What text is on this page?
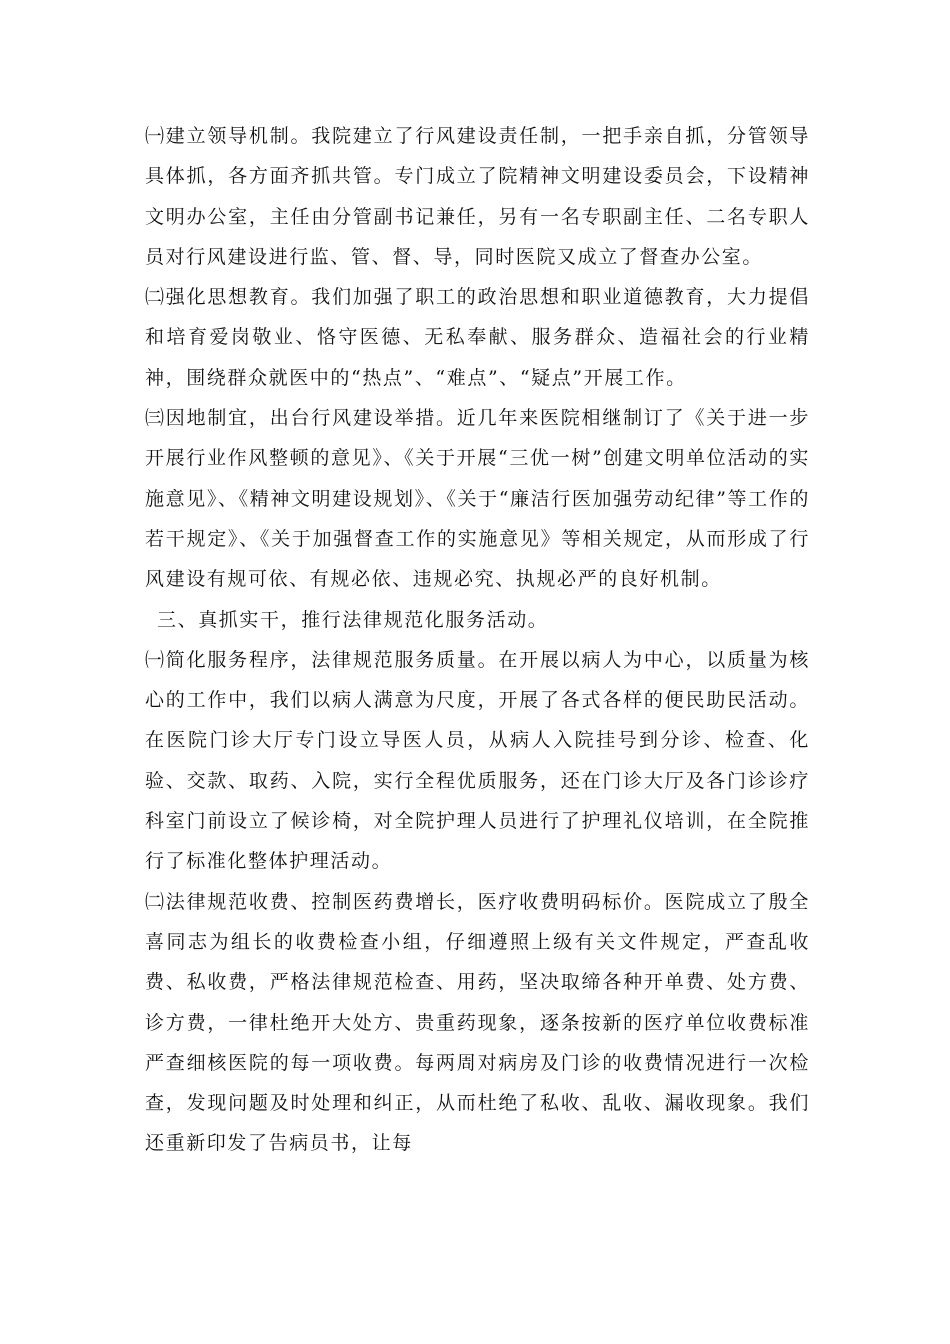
㈠建立领导机制。我院建立了行风建设责任制，一把手亲自抓，分管领导具体抓，各方面齐抓共管。专门成立了院精神文明建设委员会，下设精神文明办公室，主任由分管副书记兼任，另有一名专职副主任、二名专职人员对行风建设进行监、管、督、导，同时医院又成立了督查办公室。

㈡强化思想教育。我们加强了职工的政治思想和职业道德教育，大力提倡和培育爱岗敬业、恪守医德、无私奉献、服务群众、造福社会的行业精神，围绕群众就医中的“热点”、“难点”、“疑点”开展工作。

㈢因地制宜，出台行风建设举措。近几年来医院相继制订了《关于进一步开展行业作风整顿的意见》、《关于开展“三优一树”创建文明单位活动的实施意见》、《精神文明建设规划》、《关于“廉洁行医加强劳动纪律”等工作的若干规定》、《关于加强督查工作的实施意见》等相关规定，从而形成了行风建设有规可依、有规必依、违规必究、执规必严的良好机制。

三、真抓实干，推行法律规范化服务活动。

㈠简化服务程序，法律规范服务质量。在开展以病人为中心，以质量为核心的工作中，我们以病人满意为尺度，开展了各式各样的便民助民活动。在医院门诊大厅专门设立导医人员，从病人入院挂号到分诊、检查、化验、交款、取药、入院，实行全程优质服务，还在门诊大厅及各门诊诊疗科室门前设立了候诊椅，对全院护理人员进行了护理礼仪培训，在全院推行了标准化整体护理活动。

㈡法律规范收费、控制医药费增长，医疗收费明码标价。医院成立了殷全喜同志为组长的收费检查小组，仔细遵照上级有关文件规定，严查乱收费、私收费，严格法律规范检查、用药，坚决取缔各种开单费、处方费、诊方费，一律杜绝开大处方、贵重药现象，逐条按新的医疗单位收费标准严查细核医院的每一项收费。每两周对病房及门诊的收费情况进行一次检查，发现问题及时处理和纠正，从而杜绝了私收、乱收、漏收现象。我们还重新印发了告病员书，让每
